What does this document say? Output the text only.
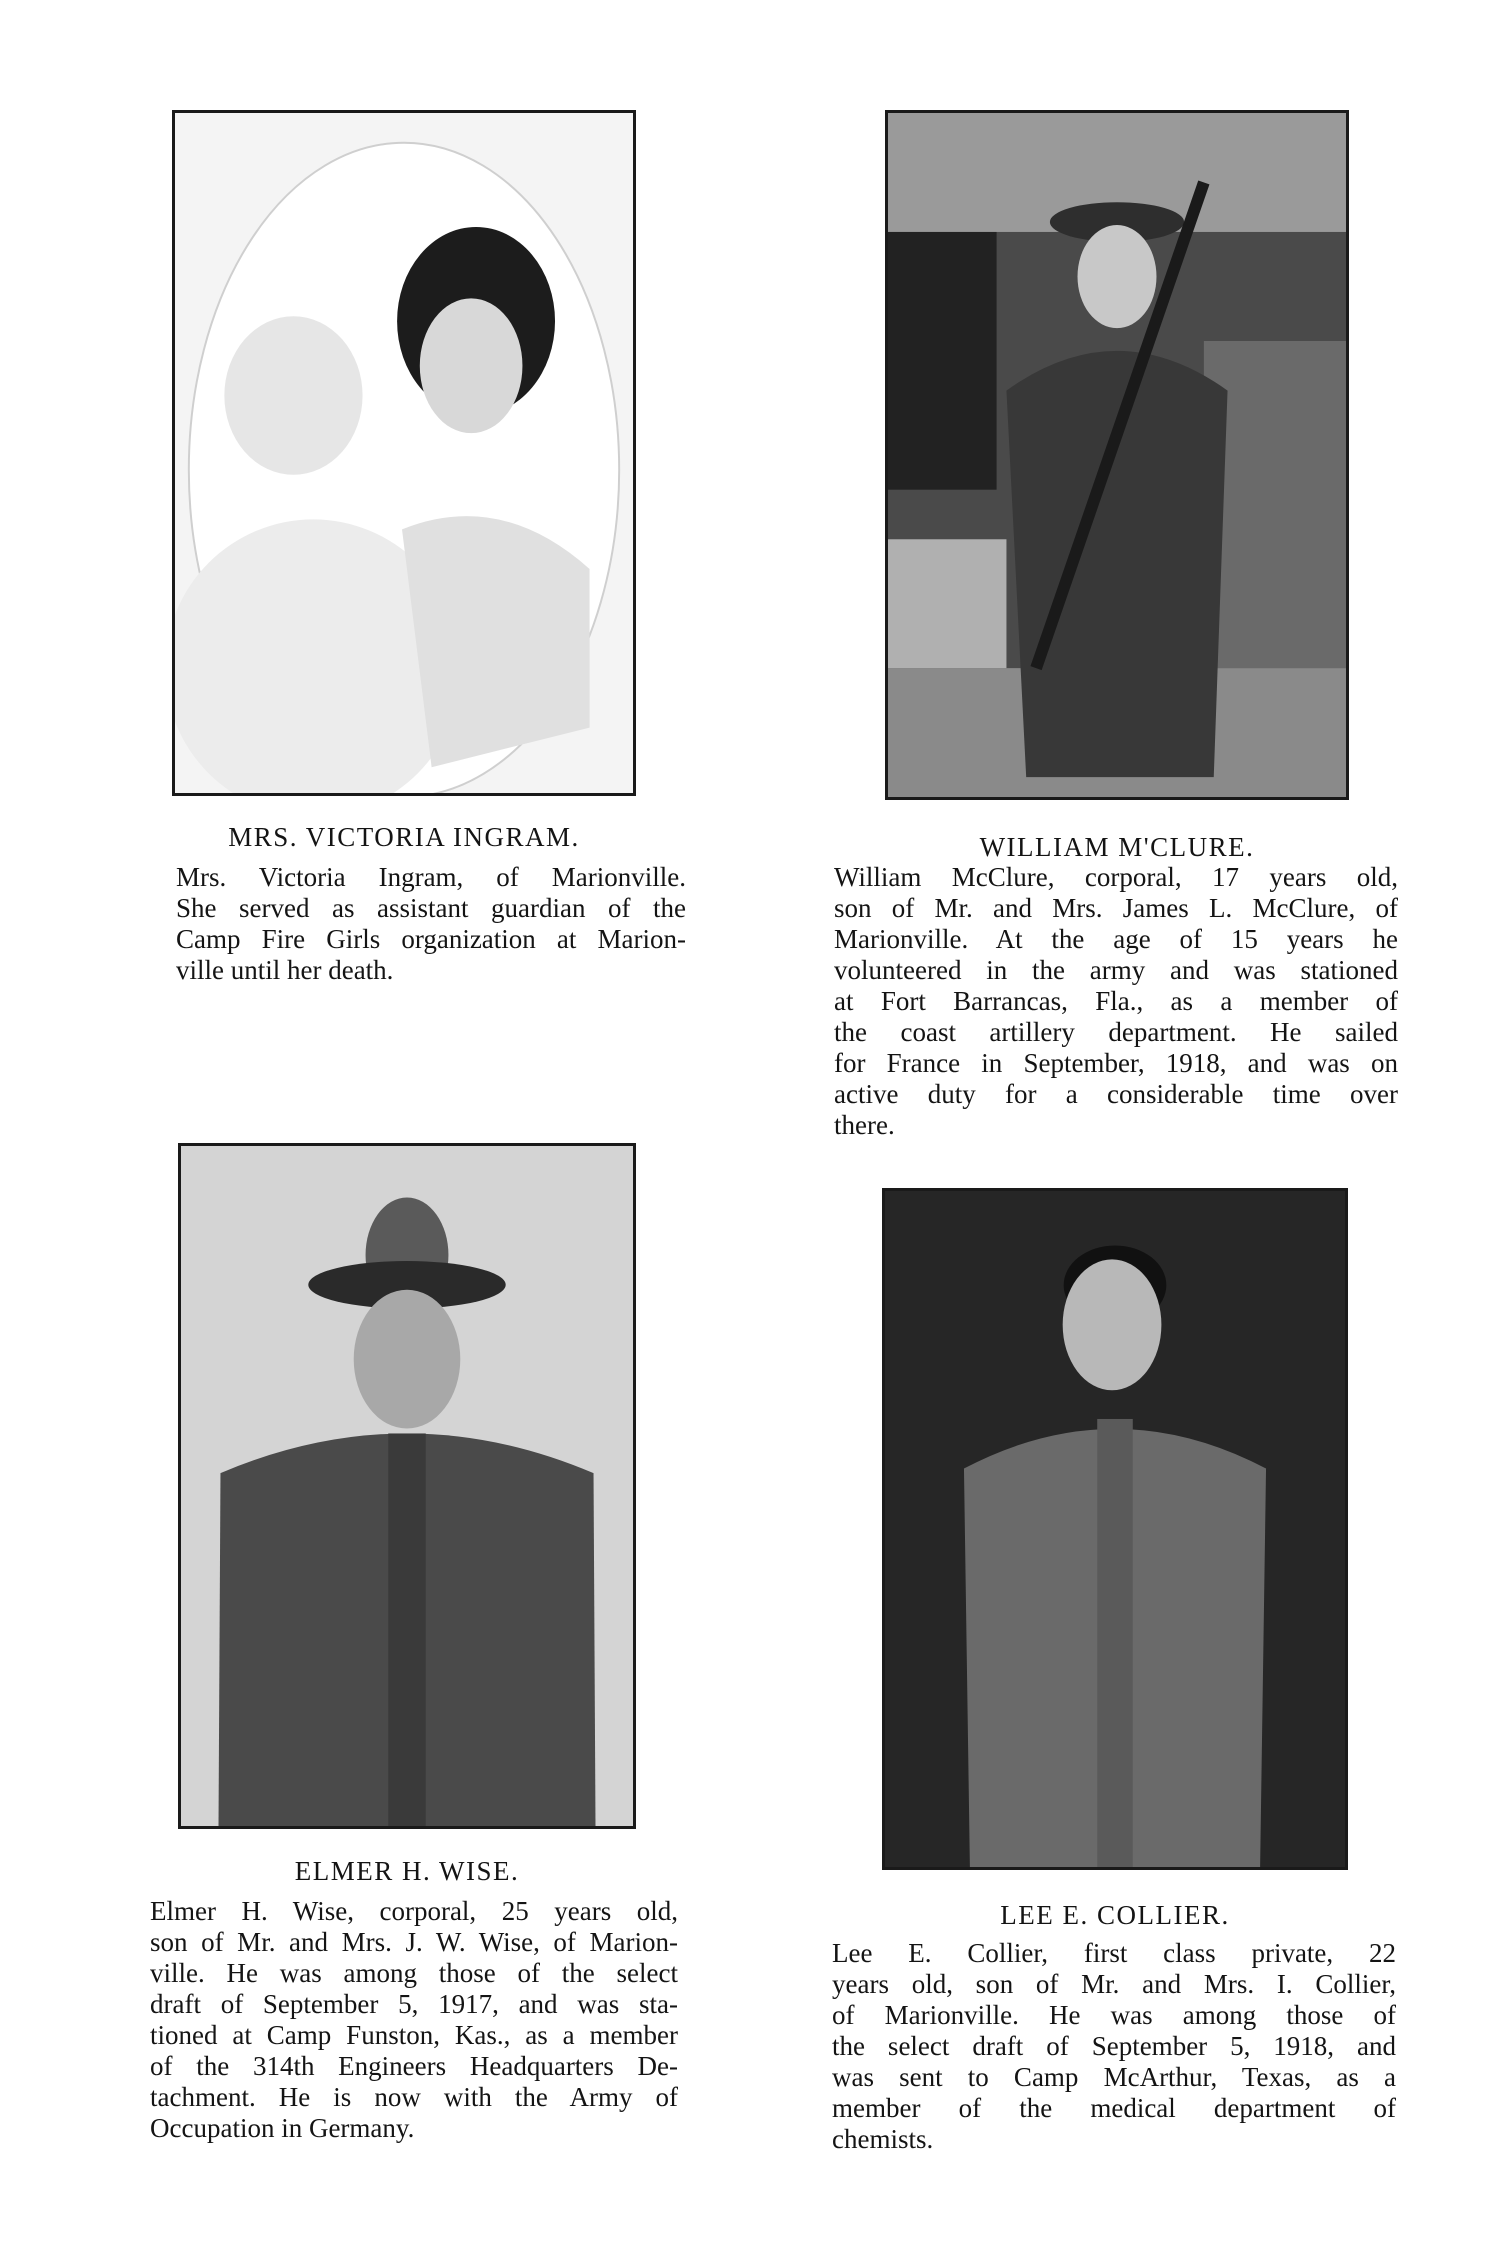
MRS. VICTORIA INGRAM.
Mrs. Victoria Ingram, of Marionville.
She served as assistant guardian of the
Camp Fire Girls organization at Marion-
ville until her death.
WILLIAM M'CLURE.
William McClure, corporal, 17 years old,
son of Mr. and Mrs. James L. McClure, of
Marionville. At the age of 15 years he
volunteered in the army and was stationed
at Fort Barrancas, Fla., as a member of
the coast artillery department. He sailed
for France in September, 1918, and was on
active duty for a considerable time over
there.
ELMER H. WISE.
Elmer H. Wise, corporal, 25 years old,
son of Mr. and Mrs. J. W. Wise, of Marion-
ville. He was among those of the select
draft of September 5, 1917, and was sta-
tioned at Camp Funston, Kas., as a member
of the 314th Engineers Headquarters De-
tachment. He is now with the Army of
Occupation in Germany.
LEE E. COLLIER.
Lee E. Collier, first class private, 22
years old, son of Mr. and Mrs. I. Collier,
of Marionville. He was among those of
the select draft of September 5, 1918, and
was sent to Camp McArthur, Texas, as a
member of the medical department of
chemists.
